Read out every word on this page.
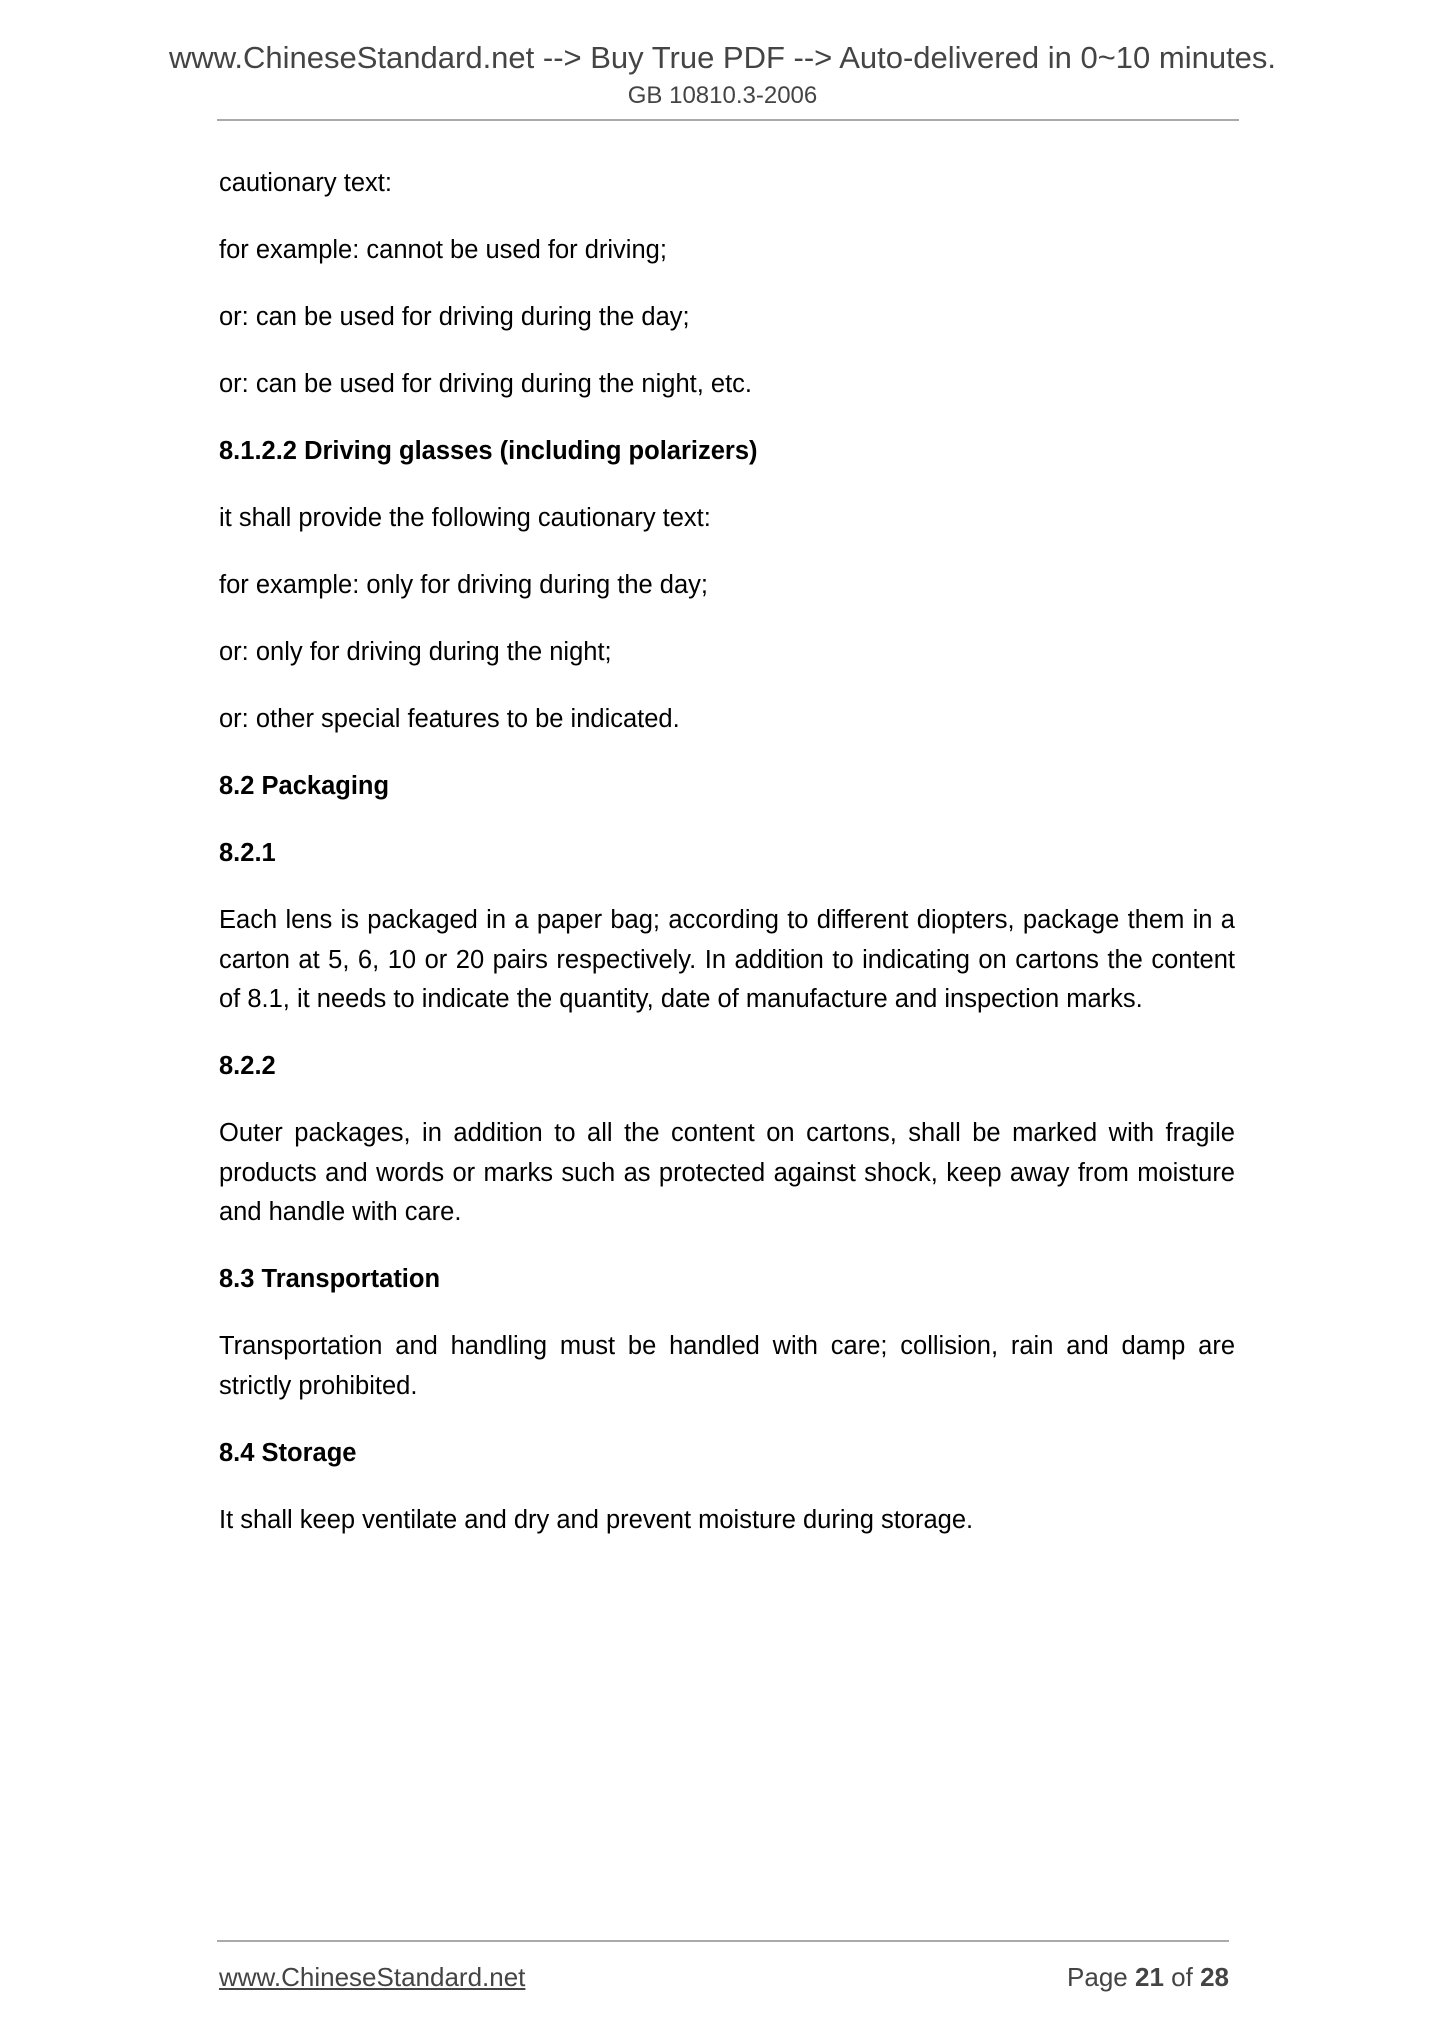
www.ChineseStandard.net --> Buy True PDF --> Auto-delivered in 0~10 minutes.
GB 10810.3-2006

cautionary text:

for example: cannot be used for driving;

or: can be used for driving during the day;

or: can be used for driving during the night, etc.

8.1.2.2 Driving glasses (including polarizers)

it shall provide the following cautionary text:

for example: only for driving during the day;

or: only for driving during the night;

or: other special features to be indicated.

8.2 Packaging

8.2.1

Each lens is packaged in a paper bag; according to different diopters, package them in a carton at 5, 6, 10 or 20 pairs respectively. In addition to indicating on cartons the content of 8.1, it needs to indicate the quantity, date of manufacture and inspection marks.

8.2.2

Outer packages, in addition to all the content on cartons, shall be marked with fragile products and words or marks such as protected against shock, keep away from moisture and handle with care.

8.3 Transportation

Transportation and handling must be handled with care; collision, rain and damp are strictly prohibited.

8.4 Storage

It shall keep ventilate and dry and prevent moisture during storage.

www.ChineseStandard.net	Page 21 of 28
